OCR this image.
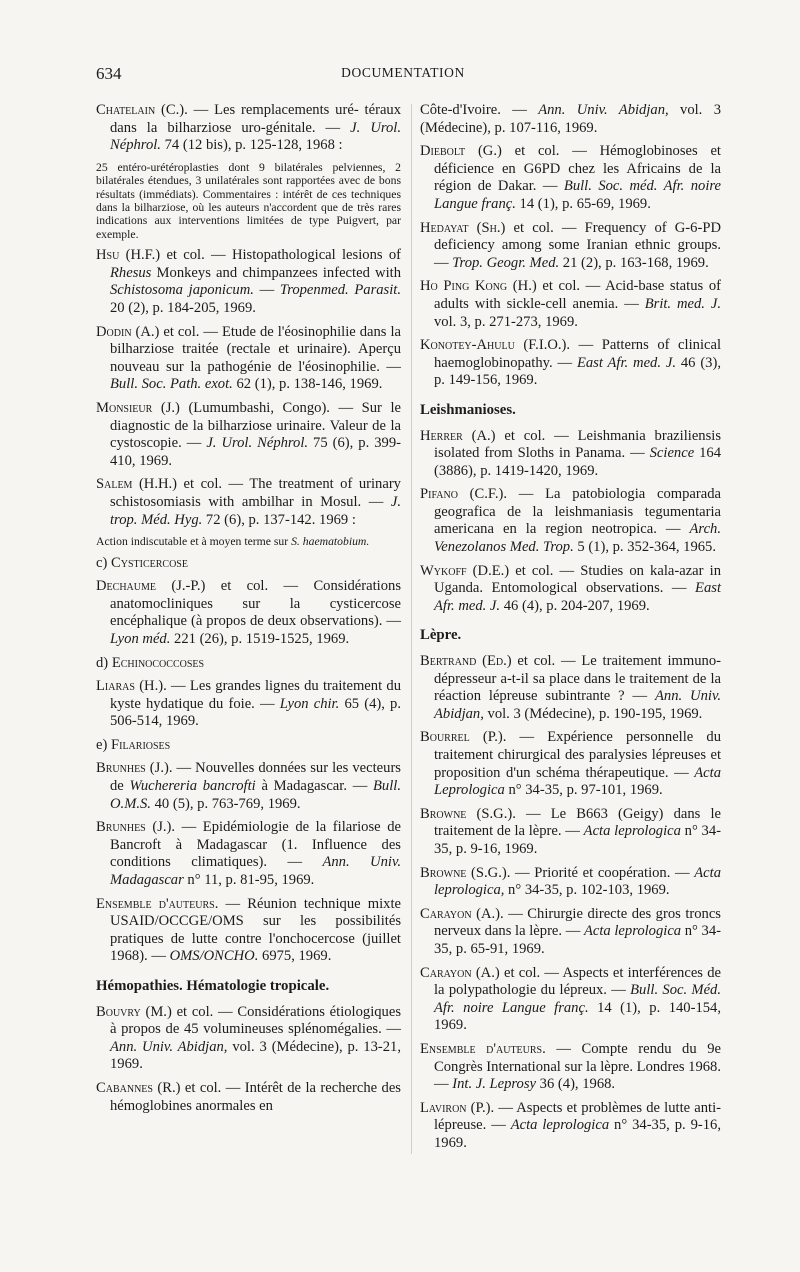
634	DOCUMENTATION
Chatelain (C.). — Les remplacements uré- téraux dans la bilharziose uro-génitale. — J. Urol. Néphrol. 74 (12 bis), p. 125-128, 1968 :
25 entéro-urétéroplasties dont 9 bilatérales pelviennes, 2 bilatérales étendues, 3 unilatérales sont rapportées avec de bons résultats (immédiats). Commentaires : intérêt de ces techniques dans la bilharziose, où les auteurs n'accordent que de très rares indications aux interventions limitées de type Puigvert, par exemple.
Hsu (H.F.) et col. — Histopathological lesions of Rhesus Monkeys and chimpanzees infected with Schistosoma japonicum. — Tropenmed. Parasit. 20 (2), p. 184-205, 1969.
Dodin (A.) et col. — Etude de l'éosinophilie dans la bilharziose traitée (rectale et urinaire). Aperçu nouveau sur la pathogénie de l'éosinophilie. — Bull. Soc. Path. exot. 62 (1), p. 138-146, 1969.
Monsieur (J.) (Lumumbashi, Congo). — Sur le diagnostic de la bilharziose urinaire. Valeur de la cystoscopie. — J. Urol. Néphrol. 75 (6), p. 399-410, 1969.
Salem (H.H.) et col. — The treatment of urinary schistosomiasis with ambilhar in Mosul. — J. trop. Méd. Hyg. 72 (6), p. 137-142. 1969 :
Action indiscutable et à moyen terme sur S. haematobium.
c) Cysticercose
Dechaume (J.-P.) et col. — Considérations anatomocliniques sur la cysticercose encéphalique (à propos de deux observations). — Lyon méd. 221 (26), p. 1519-1525, 1969.
d) Echinococcoses
Liaras (H.). — Les grandes lignes du traitement du kyste hydatique du foie. — Lyon chir. 65 (4), p. 506-514, 1969.
e) Filarioses
Brunhes (J.). — Nouvelles données sur les vecteurs de Wuchereria bancrofti à Madagascar. — Bull. O.M.S. 40 (5), p. 763-769, 1969.
Brunhes (J.). — Epidémiologie de la filariose de Bancroft à Madagascar (1. Influence des conditions climatiques). — Ann. Univ. Madagascar n° 11, p. 81-95, 1969.
Ensemble d'auteurs. — Réunion technique mixte USAID/OCCGE/OMS sur les possibilités pratiques de lutte contre l'onchocercose (juillet 1968). — OMS/ONCHO. 6975, 1969.
Hémopathies. Hématologie tropicale.
Bouvry (M.) et col. — Considérations étiologiques à propos de 45 volumineuses splénomégalies. — Ann. Univ. Abidjan, vol. 3 (Médecine), p. 13-21, 1969.
Cabannes (R.) et col. — Intérêt de la recherche des hémoglobines anormales en
Côte-d'Ivoire. — Ann. Univ. Abidjan, vol. 3 (Médecine), p. 107-116, 1969.
Diebolt (G.) et col. — Hémoglobinoses et déficience en G6PD chez les Africains de la région de Dakar. — Bull. Soc. méd. Afr. noire Langue franç. 14 (1), p. 65-69, 1969.
Hedayat (Sh.) et col. — Frequency of G-6-PD deficiency among some Iranian ethnic groups. — Trop. Geogr. Med. 21 (2), p. 163-168, 1969.
Ho Ping Kong (H.) et col. — Acid-base status of adults with sickle-cell anemia. — Brit. med. J. vol. 3, p. 271-273, 1969.
Konotey-Ahulu (F.I.O.). — Patterns of clinical haemoglobinopathy. — East Afr. med. J. 46 (3), p. 149-156, 1969.
Leishmanioses.
Herrer (A.) et col. — Leishmania braziliensis isolated from Sloths in Panama. — Science 164 (3886), p. 1419-1420, 1969.
Pifano (C.F.). — La patobiologia comparada geografica de la leishmaniasis tegumentaria americana en la region neotropica. — Arch. Venezolanos Med. Trop. 5 (1), p. 352-364, 1965.
Wykoff (D.E.) et col. — Studies on kala-azar in Uganda. Entomological observations. — East Afr. med. J. 46 (4), p. 204-207, 1969.
Lèpre.
Bertrand (Ed.) et col. — Le traitement immuno-dépresseur a-t-il sa place dans le traitement de la réaction lépreuse subintrante ? — Ann. Univ. Abidjan, vol. 3 (Médecine), p. 190-195, 1969.
Bourrel (P.). — Expérience personnelle du traitement chirurgical des paralysies lépreuses et proposition d'un schéma thérapeutique. — Acta Leprologica n° 34-35, p. 97-101, 1969.
Browne (S.G.). — Le B663 (Geigy) dans le traitement de la lèpre. — Acta leprologica n° 34-35, p. 9-16, 1969.
Browne (S.G.). — Priorité et coopération. — Acta leprologica, n° 34-35, p. 102-103, 1969.
Carayon (A.). — Chirurgie directe des gros troncs nerveux dans la lèpre. — Acta leprologica n° 34-35, p. 65-91, 1969.
Carayon (A.) et col. — Aspects et interférences de la polypathologie du lépreux. — Bull. Soc. Méd. Afr. noire Langue franç. 14 (1), p. 140-154, 1969.
Ensemble d'auteurs. — Compte rendu du 9e Congrès International sur la lèpre. Londres 1968. — Int. J. Leprosy 36 (4), 1968.
Laviron (P.). — Aspects et problèmes de lutte anti-lépreuse. — Acta leprologica n° 34-35, p. 9-16, 1969.
